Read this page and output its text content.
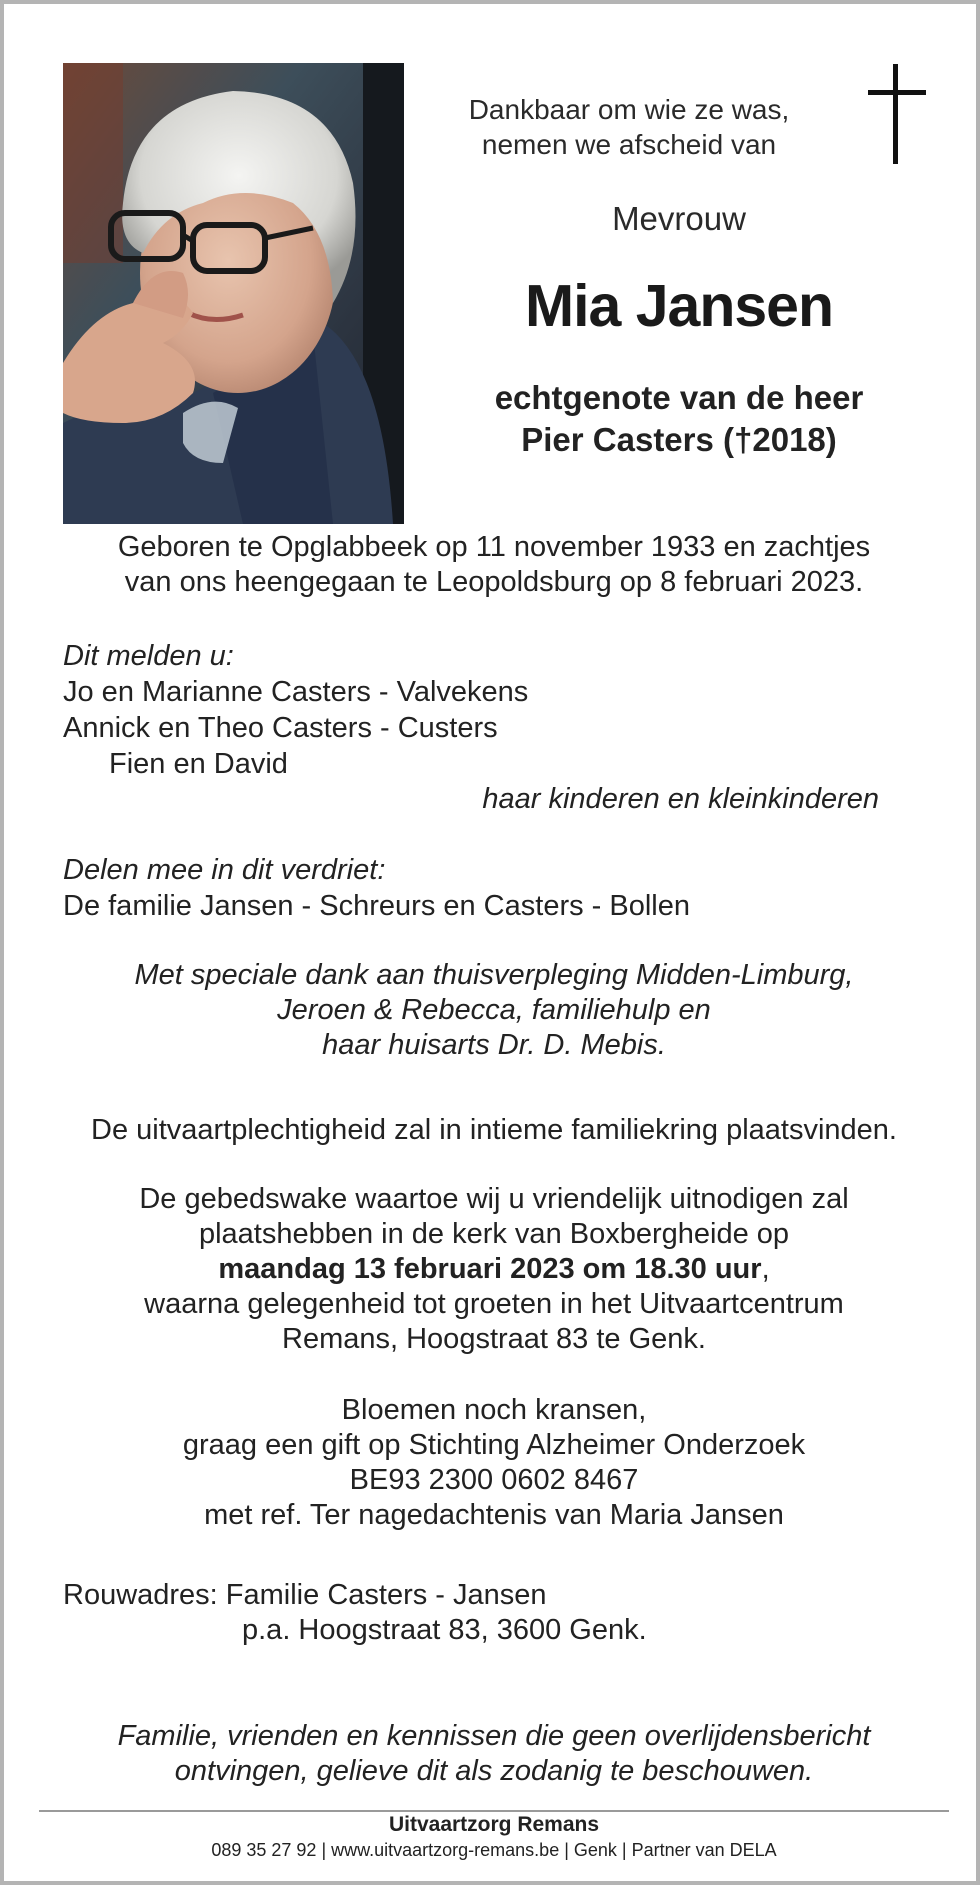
Dankbaar om wie ze was,
nemen we afscheid van
Mevrouw
Mia Jansen
echtgenote van de heer
Pier Casters (†2018)
Geboren te Opglabbeek op 11 november 1933 en zachtjes
van ons heengegaan te Leopoldsburg op 8 februari 2023.
Dit melden u:
Jo en Marianne Casters - Valvekens
Annick en Theo Casters - Custers
Fien en David
haar kinderen en kleinkinderen
Delen mee in dit verdriet:
De familie Jansen - Schreurs en Casters - Bollen
Met speciale dank aan thuisverpleging Midden-Limburg,
Jeroen & Rebecca, familiehulp en
haar huisarts Dr. D. Mebis.
De uitvaartplechtigheid zal in intieme familiekring plaatsvinden.
De gebedswake waartoe wij u vriendelijk uitnodigen zal
plaatshebben in de kerk van Boxbergheide op
maandag 13 februari 2023 om 18.30 uur,
waarna gelegenheid tot groeten in het Uitvaartcentrum
Remans, Hoogstraat 83 te Genk.
Bloemen noch kransen,
graag een gift op Stichting Alzheimer Onderzoek
BE93 2300 0602 8467
met ref. Ter nagedachtenis van Maria Jansen
Rouwadres: Familie Casters - Jansen
p.a. Hoogstraat 83, 3600 Genk.
Familie, vrienden en kennissen die geen overlijdensbericht
ontvingen, gelieve dit als zodanig te beschouwen.
Uitvaartzorg Remans
089 35 27 92 | www.uitvaartzorg-remans.be | Genk | Partner van DELA
